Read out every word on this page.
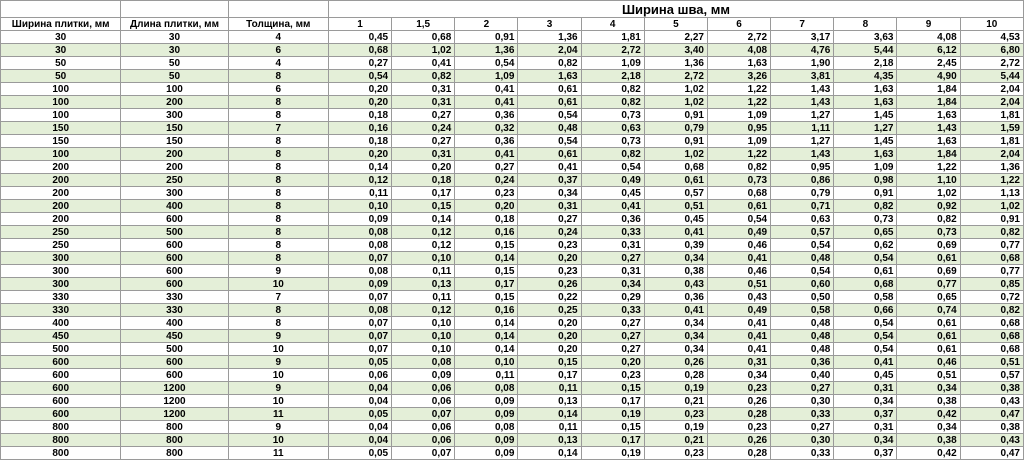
			Ширина шва, мм										
Ширина плитки, мм	Длина плитки, мм	Толщина, мм	1	1,5	2	3	4	5	6	7	8	9	10
30	30	4	0,45	0,68	0,91	1,36	1,81	2,27	2,72	3,17	3,63	4,08	4,53
30	30	6	0,68	1,02	1,36	2,04	2,72	3,40	4,08	4,76	5,44	6,12	6,80
50	50	4	0,27	0,41	0,54	0,82	1,09	1,36	1,63	1,90	2,18	2,45	2,72
50	50	8	0,54	0,82	1,09	1,63	2,18	2,72	3,26	3,81	4,35	4,90	5,44
100	100	6	0,20	0,31	0,41	0,61	0,82	1,02	1,22	1,43	1,63	1,84	2,04
100	200	8	0,20	0,31	0,41	0,61	0,82	1,02	1,22	1,43	1,63	1,84	2,04
100	300	8	0,18	0,27	0,36	0,54	0,73	0,91	1,09	1,27	1,45	1,63	1,81
150	150	7	0,16	0,24	0,32	0,48	0,63	0,79	0,95	1,11	1,27	1,43	1,59
150	150	8	0,18	0,27	0,36	0,54	0,73	0,91	1,09	1,27	1,45	1,63	1,81
100	200	8	0,20	0,31	0,41	0,61	0,82	1,02	1,22	1,43	1,63	1,84	2,04
200	200	8	0,14	0,20	0,27	0,41	0,54	0,68	0,82	0,95	1,09	1,22	1,36
200	250	8	0,12	0,18	0,24	0,37	0,49	0,61	0,73	0,86	0,98	1,10	1,22
200	300	8	0,11	0,17	0,23	0,34	0,45	0,57	0,68	0,79	0,91	1,02	1,13
200	400	8	0,10	0,15	0,20	0,31	0,41	0,51	0,61	0,71	0,82	0,92	1,02
200	600	8	0,09	0,14	0,18	0,27	0,36	0,45	0,54	0,63	0,73	0,82	0,91
250	500	8	0,08	0,12	0,16	0,24	0,33	0,41	0,49	0,57	0,65	0,73	0,82
250	600	8	0,08	0,12	0,15	0,23	0,31	0,39	0,46	0,54	0,62	0,69	0,77
300	600	8	0,07	0,10	0,14	0,20	0,27	0,34	0,41	0,48	0,54	0,61	0,68
300	600	9	0,08	0,11	0,15	0,23	0,31	0,38	0,46	0,54	0,61	0,69	0,77
300	600	10	0,09	0,13	0,17	0,26	0,34	0,43	0,51	0,60	0,68	0,77	0,85
330	330	7	0,07	0,11	0,15	0,22	0,29	0,36	0,43	0,50	0,58	0,65	0,72
330	330	8	0,08	0,12	0,16	0,25	0,33	0,41	0,49	0,58	0,66	0,74	0,82
400	400	8	0,07	0,10	0,14	0,20	0,27	0,34	0,41	0,48	0,54	0,61	0,68
450	450	9	0,07	0,10	0,14	0,20	0,27	0,34	0,41	0,48	0,54	0,61	0,68
500	500	10	0,07	0,10	0,14	0,20	0,27	0,34	0,41	0,48	0,54	0,61	0,68
600	600	9	0,05	0,08	0,10	0,15	0,20	0,26	0,31	0,36	0,41	0,46	0,51
600	600	10	0,06	0,09	0,11	0,17	0,23	0,28	0,34	0,40	0,45	0,51	0,57
600	1200	9	0,04	0,06	0,08	0,11	0,15	0,19	0,23	0,27	0,31	0,34	0,38
600	1200	10	0,04	0,06	0,09	0,13	0,17	0,21	0,26	0,30	0,34	0,38	0,43
600	1200	11	0,05	0,07	0,09	0,14	0,19	0,23	0,28	0,33	0,37	0,42	0,47
800	800	9	0,04	0,06	0,08	0,11	0,15	0,19	0,23	0,27	0,31	0,34	0,38
800	800	10	0,04	0,06	0,09	0,13	0,17	0,21	0,26	0,30	0,34	0,38	0,43
800	800	11	0,05	0,07	0,09	0,14	0,19	0,23	0,28	0,33	0,37	0,42	0,47
